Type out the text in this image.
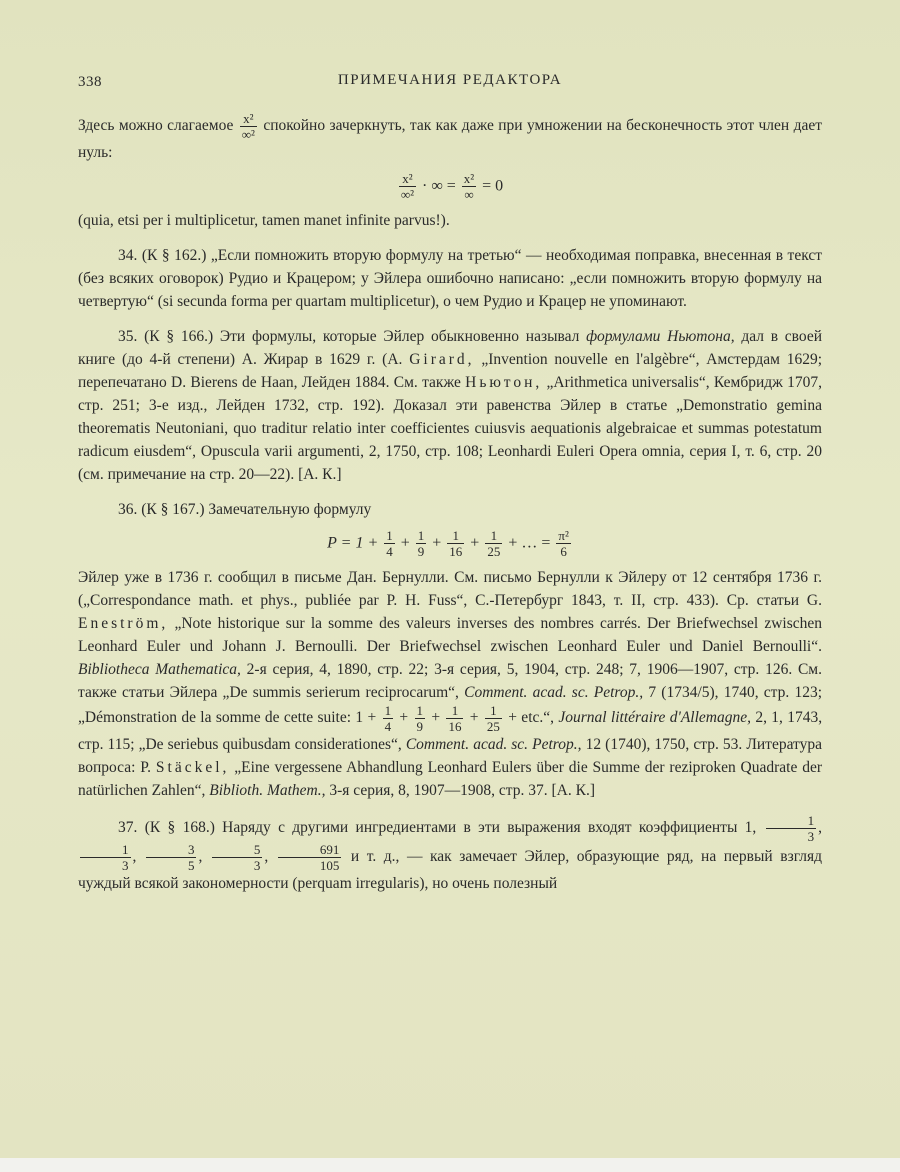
338	ПРИМЕЧАНИЯ РЕДАКТОРА

Здесь можно слагаемое $\frac{\text{x²}}{\text{∞²}}$ спокойно зачеркнуть, так как даже при умножении на бесконечность этот член дает нуль:

$\frac{\text{x²}}{\text{∞²}}$ · ∞ = $\frac{\text{x²}}{\infty} = 0$

(quia, etsi per i multiplicetur, tamen manet infinite parvus!).

34. (К § 162.) „Если помножить вторую формулу на третью“ — необходимая поправка, внесенная в текст (без всяких оговорок) Рудио и Крацером; у Эйлера ошибочно написано: „если помножить вторую формулу на четвертую“ (si secunda forma per quartam multiplicetur), о чем Рудио и Крацер не упоминают.

35. (К § 166.) Эти формулы, которые Эйлер обыкновенно называл формулами Ньютона, дал в своей книге (до 4-й степени) А. Жирар в 1629 г. (A. Girard, „Invention nouvelle en l'algèbre“, Амстердам 1629; перепечатано D. Bierens de Haan, Лейден 1884. См. также Ньютон, „Arithmetica universalis“, Кембридж 1707, стр. 251; 3-е изд., Лейден 1732, стр. 192). Доказал эти равенства Эйлер в статье „Demonstratio gemina theorematis Neutoniani, quo traditur relatio inter coefficientes cuiusvis aequationis algebraicae et summas potestatum radicum eiusdem“, Opuscula varii argumenti, 2, 1750, стр. 108; Leonhardi Euleri Opera omnia, серия I, т. 6, стр. 20 (см. примечание на стр. 20—22). [А. К.]

36. (К § 167.) Замечательную формулу

$P = 1 + \frac{1}{4} + \frac{1}{9} + \frac{1}{16} + \frac{1}{25}$ + … = $\frac{\text{π²}}{6}$

Эйлер уже в 1736 г. сообщил в письме Дан. Бернулли. См. письмо Бернулли к Эйлеру от 12 сентября 1736 г. („Correspondance math. et phys., publiée par P. H. Fuss“, С.-Петербург 1843, т. II, стр. 433). Ср. статьи G. Eneström, „Note historique sur la somme des valeurs inverses des nombres carrés. Der Briefwechsel zwischen Leonhard Euler und Johann J. Bernoulli. Der Briefwechsel zwischen Leonhard Euler und Daniel Bernoulli“. Bibliotheca Mathematica, 2-я серия, 4, 1890, стр. 22; 3-я серия, 5, 1904, стр. 248; 7, 1906—1907, стр. 126. См. также статьи Эйлера „De summis serierum reciprocarum“, Comment. acad. sc. Petrop., 7 (1734/5), 1740, стр. 123; „Démonstration de la somme de cette suite: $1 + \frac{1}{4} + \frac{1}{9} + \frac{1}{16} + \frac{1}{25}$ + etc.“, Journal littéraire d'Allemagne, 2, 1, 1743, стр. 115; „De seriebus quibusdam considerationes“, Comment. acad. sc. Petrop., 12 (1740), 1750, стр. 53. Литература вопроса: P. Stäckel, „Eine vergessene Abhandlung Leonhard Eulers über die Summe der reziproken Quadrate der natürlichen Zahlen“, Biblioth. Mathem., 3-я серия, 8, 1907—1908, стр. 37. [А. К.]

37. (К § 168.) Наряду с другими ингредиентами в эти выражения входят коэффициенты 1, $\frac{1}{3}$ ,
$\frac{1}{3}$ , $\frac{3}{5}$ , $\frac{5}{3}$ , $\frac{691}{105}$ и т. д., — как замечает Эйлер, образующие ряд, на первый взгляд чуждый всякой закономерности (perquam irregularis), но очень полезный
